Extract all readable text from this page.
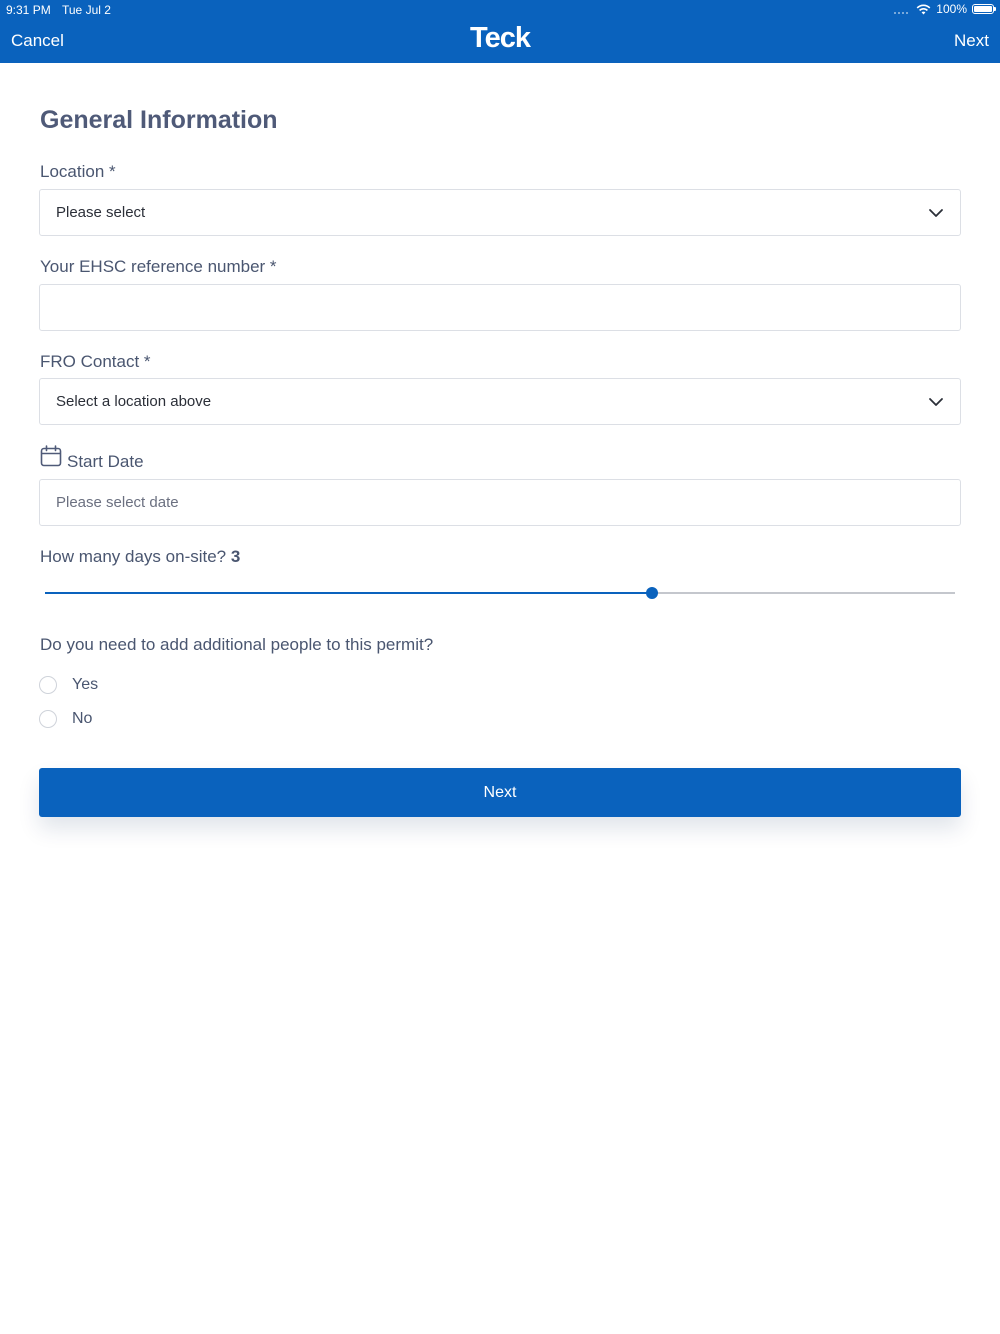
9:31 PM Tue Jul 2	100%
Cancel	Teck	Next
General Information
Location *
Please select
Your EHSC reference number *
FRO Contact *
Select a location above
Start Date
Please select date
How many days on-site? 3
Do you need to add additional people to this permit?
Yes
No
Next
